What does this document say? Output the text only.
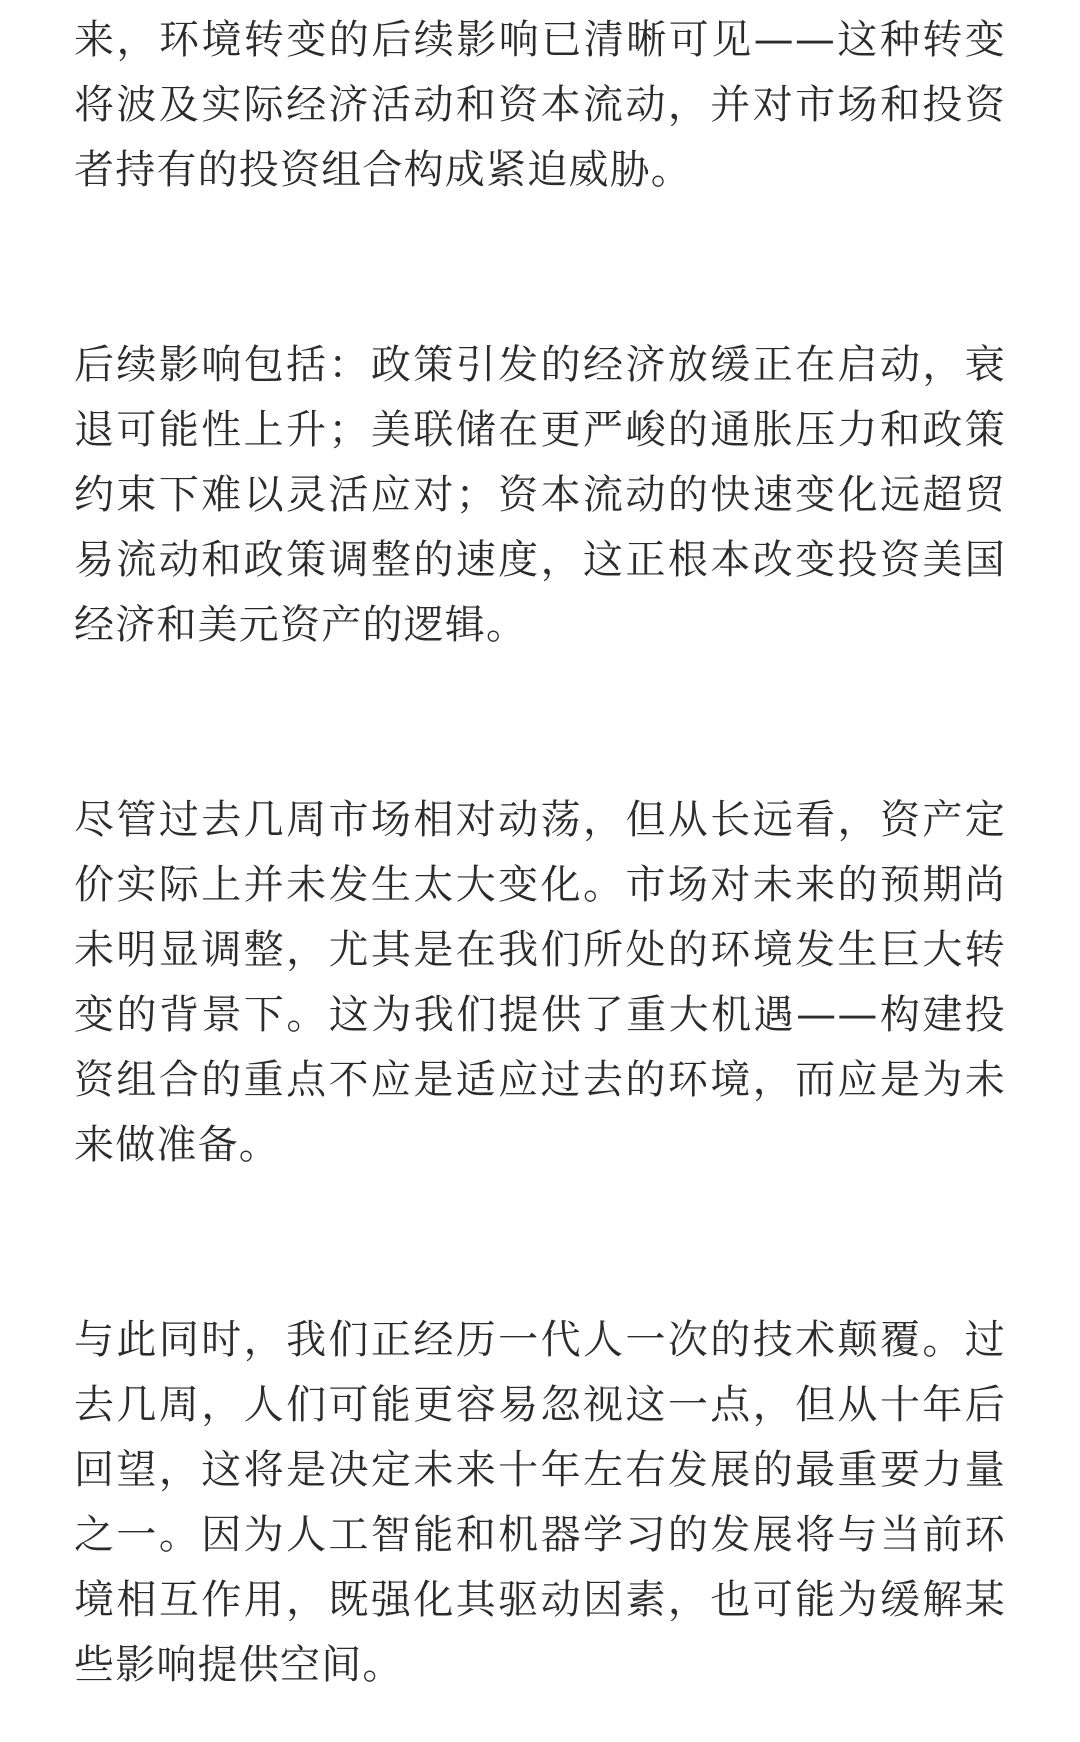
来，环境转变的后续影响已清晰可见——这种转变将波及实际经济活动和资本流动，并对市场和投资者持有的投资组合构成紧迫威胁。

后续影响包括：政策引发的经济放缓正在启动，衰退可能性上升；美联储在更严峻的通胀压力和政策约束下难以灵活应对；资本流动的快速变化远超贸易流动和政策调整的速度，这正根本改变投资美国经济和美元资产的逻辑。

尽管过去几周市场相对动荡，但从长远看，资产定价实际上并未发生太大变化。市场对未来的预期尚未明显调整，尤其是在我们所处的环境发生巨大转变的背景下。这为我们提供了重大机遇——构建投资组合的重点不应是适应过去的环境，而应是为未来做准备。

与此同时，我们正经历一代人一次的技术颠覆。过去几周，人们可能更容易忽视这一点，但从十年后回望，这将是决定未来十年左右发展的最重要力量之一。因为人工智能和机器学习的发展将与当前环境相互作用，既强化其驱动因素，也可能为缓解某些影响提供空间。
